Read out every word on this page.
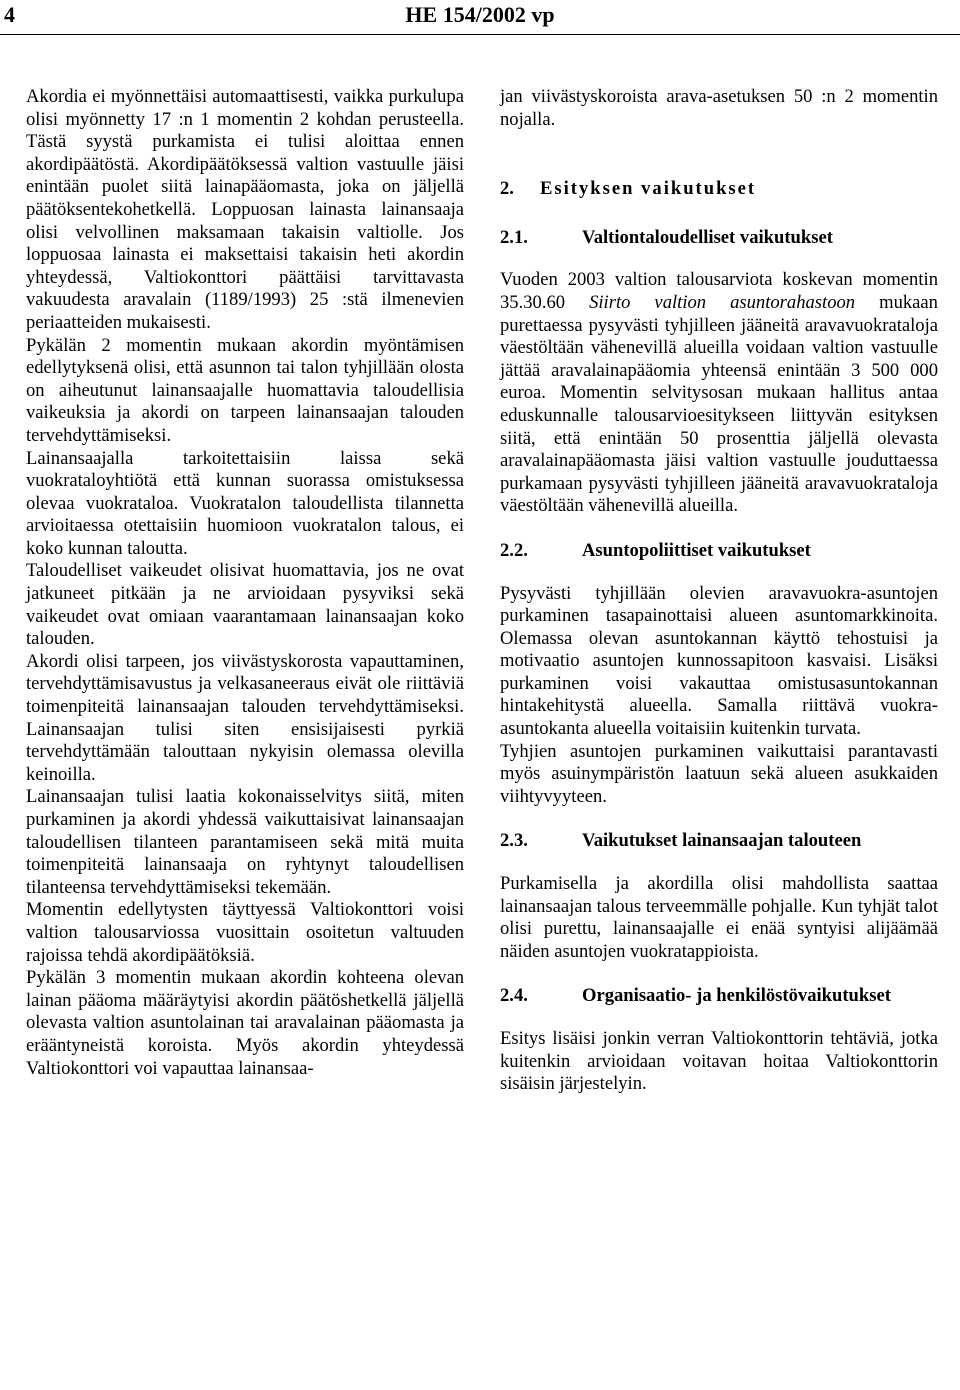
4	HE 154/2002 vp

Akordia ei myönnettäisi automaattisesti, vaikka purkulupa olisi myönnetty 17 :n 1 momentin 2 kohdan perusteella. Tästä syystä purkamista ei tulisi aloittaa ennen akordipäätöstä. Akordipäätöksessä valtion vastuulle jäisi enintään puolet siitä lainapääomasta, joka on jäljellä päätöksentekohetkellä. Loppuosan lainasta lainansaaja olisi velvollinen maksamaan takaisin valtiolle. Jos loppuosaa lainasta ei maksettaisi takaisin heti akordin yhteydessä, Valtiokonttori päättäisi tarvittavasta vakuudesta aravalain (1189/1993) 25 :stä ilmenevien periaatteiden mukaisesti.

Pykälän 2 momentin mukaan akordin myöntämisen edellytyksenä olisi, että asunnon tai talon tyhjillään olosta on aiheutunut lainansaajalle huomattavia taloudellisia vaikeuksia ja akordi on tarpeen lainansaajan talouden tervehdyttämiseksi.

Lainansaajalla tarkoitettaisiin laissa sekä vuokrataloyhtiötä että kunnan suorassa omistuksessa olevaa vuokrataloa. Vuokratalon taloudellista tilannetta arvioitaessa otettaisiin huomioon vuokratalon talous, ei koko kunnan taloutta.

Taloudelliset vaikeudet olisivat huomattavia, jos ne ovat jatkuneet pitkään ja ne arvioidaan pysyviksi sekä vaikeudet ovat omiaan vaarantamaan lainansaajan koko talouden.

Akordi olisi tarpeen, jos viivästyskorosta vapauttaminen, tervehdyttämisavustus ja velkasaneeraus eivät ole riittäviä toimenpiteitä lainansaajan talouden tervehdyttämiseksi. Lainansaajan tulisi siten ensisijaisesti pyrkiä tervehdyttämään talouttaan nykyisin olemassa olevilla keinoilla.

Lainansaajan tulisi laatia kokonaisselvitys siitä, miten purkaminen ja akordi yhdessä vaikuttaisivat lainansaajan taloudellisen tilanteen parantamiseen sekä mitä muita toimenpiteitä lainansaaja on ryhtynyt taloudellisen tilanteensa tervehdyttämiseksi tekemään.

Momentin edellytysten täyttyessä Valtiokonttori voisi valtion talousarviossa vuosittain osoitetun valtuuden rajoissa tehdä akordipäätöksiä.

Pykälän 3 momentin mukaan akordin kohteena olevan lainan pääoma määräytyisi akordin päätöshetkellä jäljellä olevasta valtion asuntolainan tai aravalainan pääomasta ja erääntyneistä koroista. Myös akordin yhteydessä Valtiokonttori voi vapauttaa lainansaa-

jan viivästyskoroista arava-asetuksen 50 :n 2 momentin nojalla.

2. Esityksen vaikutukset
2.1.	Valtiontaloudelliset vaikutukset

Vuoden 2003 valtion talousarviota koskevan momentin 35.30.60 Siirto valtion asuntorahastoon mukaan purettaessa pysyvästi tyhjilleen jääneitä aravavuokrataloja väestöltään vähenevillä alueilla voidaan valtion vastuulle jättää aravalainapääomia yhteensä enintään 3 500 000 euroa. Momentin selvitysosan mukaan hallitus antaa eduskunnalle talousarvioesitykseen liittyvän esityksen siitä, että enintään 50 prosenttia jäljellä olevasta aravalainapääomasta jäisi valtion vastuulle jouduttaessa purkamaan pysyvästi tyhjilleen jääneitä aravavuokrataloja väestöltään vähenevillä alueilla.

2.2.	Asuntopoliittiset vaikutukset

Pysyvästi tyhjillään olevien aravavuokra-asuntojen purkaminen tasapainottaisi alueen asuntomarkkinoita. Olemassa olevan asuntokannan käyttö tehostuisi ja motivaatio asuntojen kunnossapitoon kasvaisi. Lisäksi purkaminen voisi vakauttaa omistusasuntokannan hintakehitystä alueella. Samalla riittävä vuokra-asuntokanta alueella voitaisiin kuitenkin turvata.

Tyhjien asuntojen purkaminen vaikuttaisi parantavasti myös asuinympäristön laatuun sekä alueen asukkaiden viihtyvyyteen.

2.3.	Vaikutukset lainansaajan talouteen

Purkamisella ja akordilla olisi mahdollista saattaa lainansaajan talous terveemmälle pohjalle. Kun tyhjät talot olisi purettu, lainansaajalle ei enää syntyisi alijäämää näiden asuntojen vuokratappioista.

2.4.	Organisaatio- ja henkilöstövaikutukset

Esitys lisäisi jonkin verran Valtiokonttorin tehtäviä, jotka kuitenkin arvioidaan voitavan hoitaa Valtiokonttorin sisäisin järjestelyin.
